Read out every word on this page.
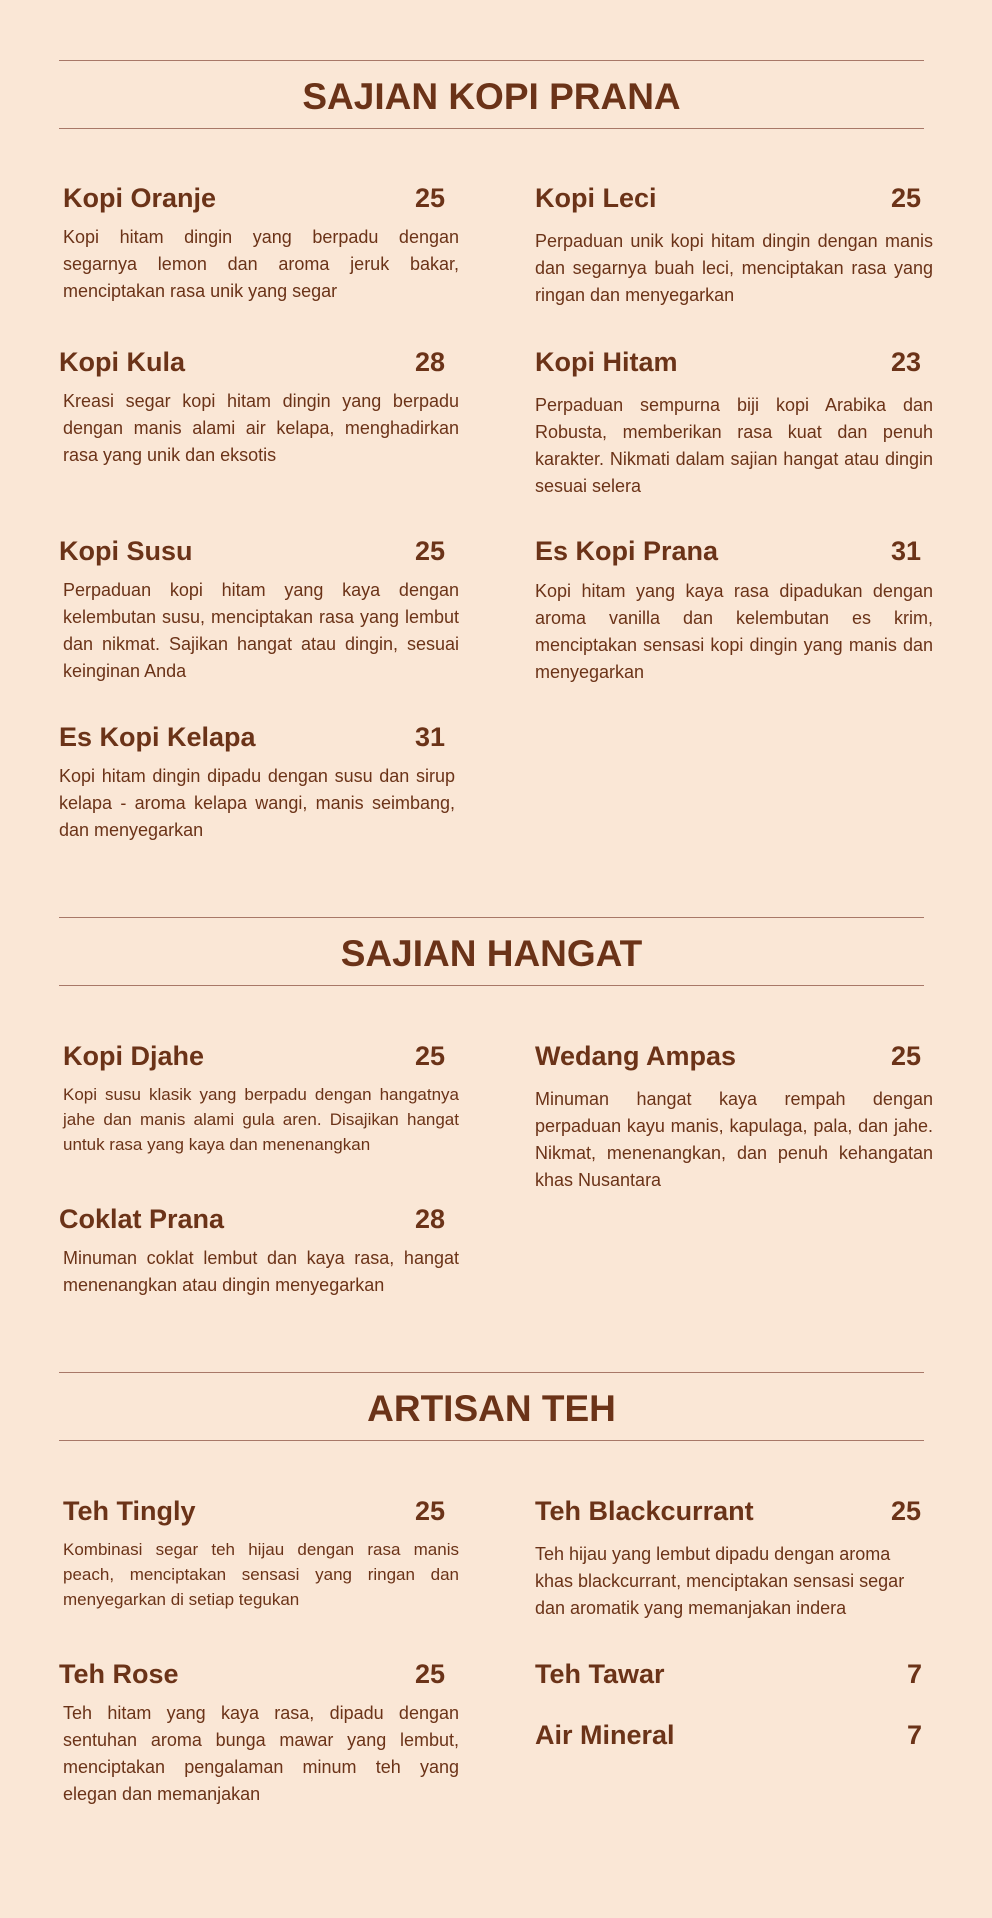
SAJIAN KOPI PRANA
Kopi Oranje	25

Kopi hitam dingin yang berpadu dengan segarnya lemon dan aroma jeruk bakar, menciptakan rasa unik yang segar

Kopi Leci	25

Perpaduan unik kopi hitam dingin dengan manis dan segarnya buah leci, menciptakan rasa yang ringan dan menyegarkan

Kopi Kula	28

Kreasi segar kopi hitam dingin yang berpadu dengan manis alami air kelapa, menghadirkan rasa yang unik dan eksotis

Kopi Hitam	23

Perpaduan sempurna biji kopi Arabika dan Robusta, memberikan rasa kuat dan penuh karakter. Nikmati dalam sajian hangat atau dingin sesuai selera

Kopi Susu	25

Perpaduan kopi hitam yang kaya dengan kelembutan susu, menciptakan rasa yang lembut dan nikmat. Sajikan hangat atau dingin, sesuai keinginan Anda

Es Kopi Prana	31

Kopi hitam yang kaya rasa dipadukan dengan aroma vanilla dan kelembutan es krim, menciptakan sensasi kopi dingin yang manis dan menyegarkan

Es Kopi Kelapa	31

Kopi hitam dingin dipadu dengan susu dan sirup kelapa - aroma kelapa wangi, manis seimbang, dan menyegarkan

SAJIAN HANGAT
Kopi Djahe	25

Kopi susu klasik yang berpadu dengan hangatnya jahe dan manis alami gula aren. Disajikan hangat untuk rasa yang kaya dan menenangkan

Wedang Ampas	25

Minuman hangat kaya rempah dengan perpaduan kayu manis, kapulaga, pala, dan jahe. Nikmat, menenangkan, dan penuh kehangatan khas Nusantara

Coklat Prana	28

Minuman coklat lembut dan kaya rasa, hangat menenangkan atau dingin menyegarkan

ARTISAN TEH
Teh Tingly	25

Kombinasi segar teh hijau dengan rasa manis peach, menciptakan sensasi yang ringan dan menyegarkan di setiap tegukan

Teh Blackcurrant	25

Teh hijau yang lembut dipadu dengan aroma khas blackcurrant, menciptakan sensasi segar dan aromatik yang memanjakan indera

Teh Rose	25

Teh hitam yang kaya rasa, dipadu dengan sentuhan aroma bunga mawar yang lembut, menciptakan pengalaman minum teh yang elegan dan memanjakan

Teh Tawar	7
Air Mineral	7
